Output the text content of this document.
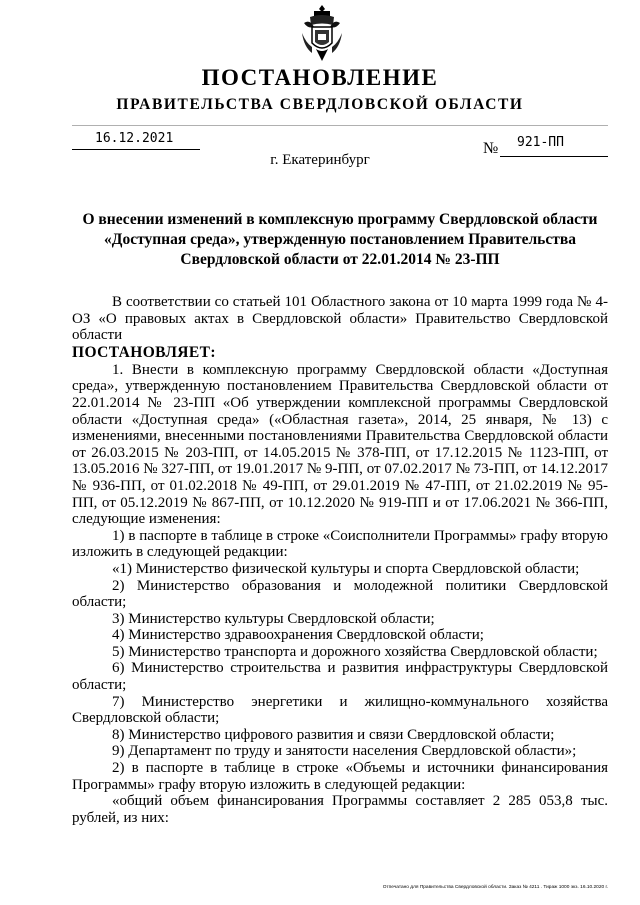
ПОСТАНОВЛЕНИЕ
ПРАВИТЕЛЬСТВА СВЕРДЛОВСКОЙ ОБЛАСТИ
16.12.2021
№ 921-ПП
г. Екатеринбург
О внесении изменений в комплексную программу Свердловской области
«Доступная среда», утвержденную постановлением Правительства
Свердловской области от 22.01.2014 № 23-ПП

В соответствии со статьей 101 Областного закона от 10 марта 1999 года № 4-ОЗ «О правовых актах в Свердловской области» Правительство Свердловской области

ПОСТАНОВЛЯЕТ:

1. Внести в комплексную программу Свердловской области «Доступная среда», утвержденную постановлением Правительства Свердловской области от 22.01.2014 № 23-ПП «Об утверждении комплексной программы Свердловской области «Доступная среда» («Областная газета», 2014, 25 января, № 13) с изменениями, внесенными постановлениями Правительства Свердловской области от 26.03.2015 № 203-ПП, от 14.05.2015 № 378-ПП, от 17.12.2015 № 1123-ПП, от 13.05.2016 № 327-ПП, от 19.01.2017 № 9-ПП, от 07.02.2017 № 73-ПП, от 14.12.2017 № 936-ПП, от 01.02.2018 № 49-ПП, от 29.01.2019 № 47-ПП, от 21.02.2019 № 95-ПП, от 05.12.2019 № 867-ПП, от 10.12.2020 № 919-ПП и от 17.06.2021 № 366-ПП, следующие изменения:

1) в паспорте в таблице в строке «Соисполнители Программы» графу вторую изложить в следующей редакции:

«1) Министерство физической культуры и спорта Свердловской области;

2) Министерство образования и молодежной политики Свердловской области;

3) Министерство культуры Свердловской области;

4) Министерство здравоохранения Свердловской области;

5) Министерство транспорта и дорожного хозяйства Свердловской области;

6) Министерство строительства и развития инфраструктуры Свердловской области;

7) Министерство энергетики и жилищно-коммунального хозяйства Свердловской области;

8) Министерство цифрового развития и связи Свердловской области;

9) Департамент по труду и занятости населения Свердловской области»;

2) в паспорте в таблице в строке «Объемы и источники финансирования Программы» графу вторую изложить в следующей редакции:

«общий объем финансирования Программы составляет 2 285 053,8 тыс. рублей, из них:

Отпечатано для Правительства Свердловской области. Заказ № 4211 . Тираж 1000 экз. 16.10.2020 г.
